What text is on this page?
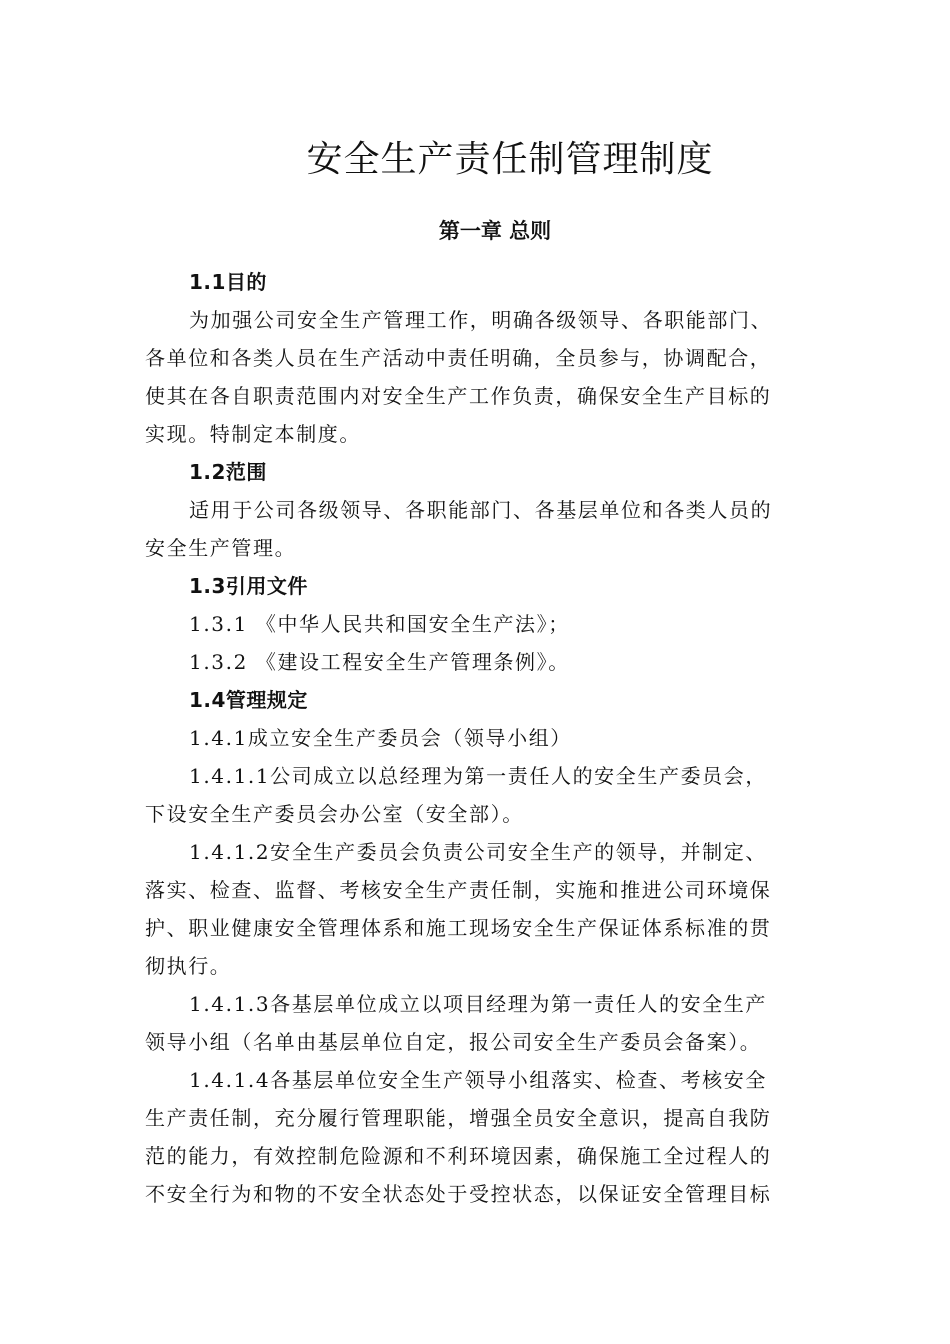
安全生产责任制管理制度
第一章 总则
1.1目的
为加强公司安全生产管理工作，明确各级领导、各职能部门、
各单位和各类人员在生产活动中责任明确，全员参与，协调配合，
使其在各自职责范围内对安全生产工作负责，确保安全生产目标的
实现。特制定本制度。
1.2范围
适用于公司各级领导、各职能部门、各基层单位和各类人员的
安全生产管理。
1.3引用文件
1.3.1 《中华人民共和国安全生产法》；
1.3.2 《建设工程安全生产管理条例》。
1.4管理规定
1.4.1成立安全生产委员会（领导小组）
1.4.1.1公司成立以总经理为第一责任人的安全生产委员会，
下设安全生产委员会办公室（安全部）。
1.4.1.2安全生产委员会负责公司安全生产的领导，并制定、
落实、检查、监督、考核安全生产责任制，实施和推进公司环境保
护、职业健康安全管理体系和施工现场安全生产保证体系标准的贯
彻执行。
1.4.1.3各基层单位成立以项目经理为第一责任人的安全生产
领导小组（名单由基层单位自定，报公司安全生产委员会备案）。
1.4.1.4各基层单位安全生产领导小组落实、检查、考核安全
生产责任制，充分履行管理职能，增强全员安全意识，提高自我防
范的能力，有效控制危险源和不利环境因素，确保施工全过程人的
不安全行为和物的不安全状态处于受控状态，以保证安全管理目标
